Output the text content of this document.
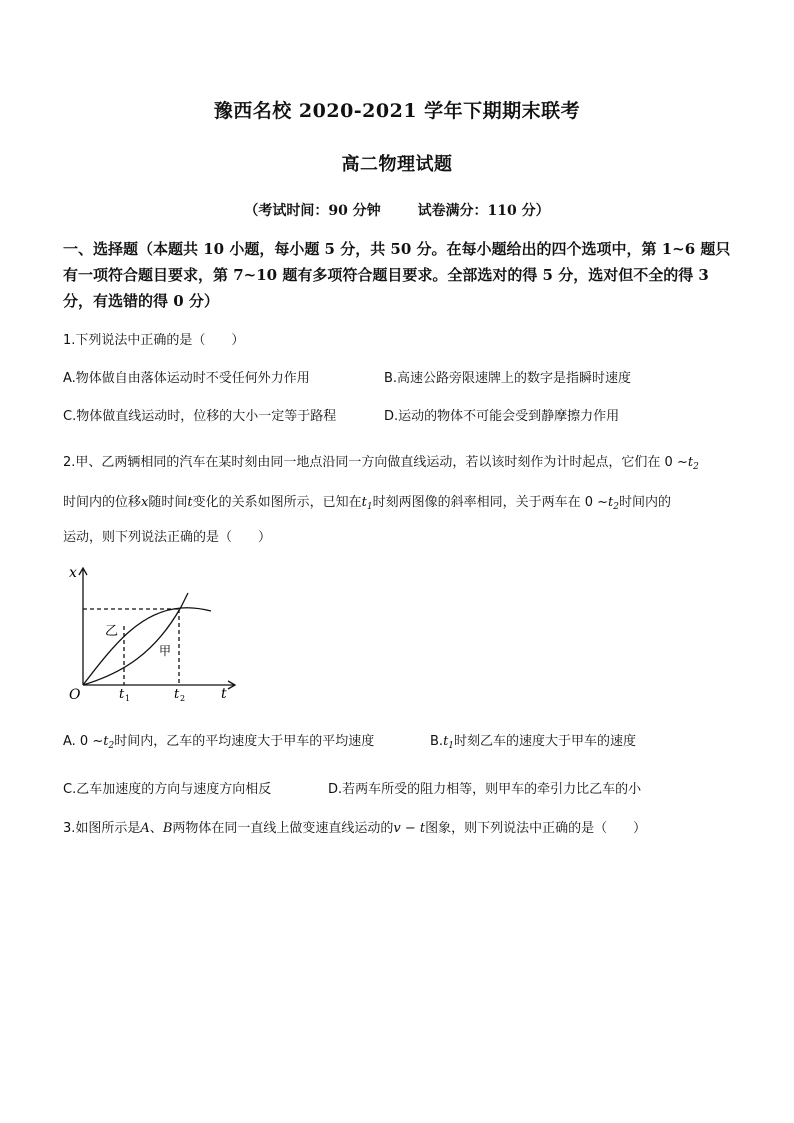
豫西名校 2020-2021 学年下期期末联考
高二物理试题
（考试时间：90 分钟	试卷满分：110 分）
一、选择题（本题共 10 小题，每小题 5 分，共 50 分。在每小题给出的四个选项中，第 1~6 题只有一项符合题目要求，第 7~10 题有多项符合题目要求。全部选对的得 5 分，选对但不全的得 3 分，有选错的得 0 分）
1.下列说法中正确的是（　　）
A.物体做自由落体运动时不受任何外力作用	B.高速公路旁限速牌上的数字是指瞬时速度
C.物体做直线运动时，位移的大小一定等于路程	D.运动的物体不可能会受到静摩擦力作用
2.甲、乙两辆相同的汽车在某时刻由同一地点沿同一方向做直线运动，若以该时刻作为计时起点，它们在 0 $\sim t_2$
时间内的位移x随时间t变化的关系如图所示，已知在$t_1$时刻两图像的斜率相同，关于两车在 0 $\sim t_2$时间内的
运动，则下列说法正确的是（　　）
x
t
O	t 1	t 2
乙
甲
A. 0 $\sim t_2$时间内，乙车的平均速度大于甲车的平均速度	$B.t_1$时刻乙车的速度大于甲车的速度
C.乙车加速度的方向与速度方向相反	D.若两车所受的阻力相等，则甲车的牵引力比乙车的小
3.如图所示是A、B两物体在同一直线上做变速直线运动的v − t图象，则下列说法中正确的是（　　）
